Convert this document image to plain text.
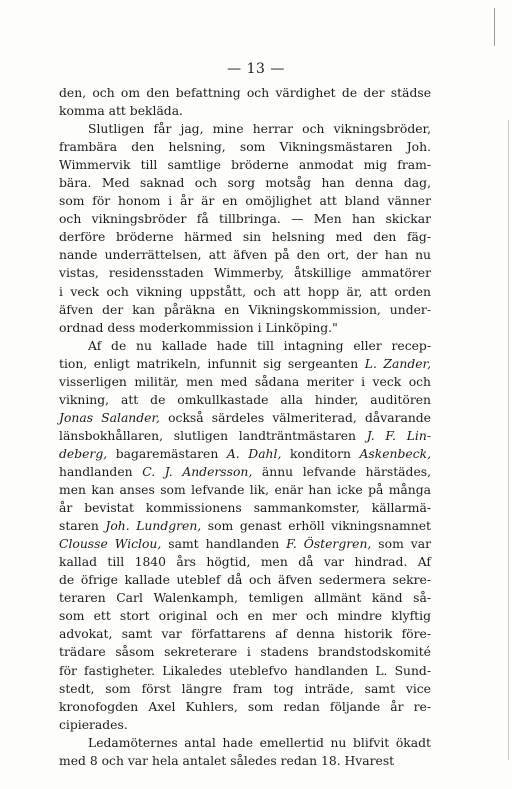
— 13 —

den, och om den befattning och värdighet de der städse

komma att bekläda.

Slutligen får jag, mine herrar och vikningsbröder,

frambära den helsning, som Vikningsmästaren Joh.

Wimmervik till samtlige bröderne anmodat mig fram-

bära. Med saknad och sorg motsåg han denna dag,

som för honom i år är en omöjlighet att bland vänner

och vikningsbröder få tillbringa. — Men han skickar

derföre bröderne härmed sin helsning med den fäg-

nande underrättelsen, att äfven på den ort, der han nu

vistas, residensstaden Wimmerby, åtskillige ammatörer

i veck och vikning uppstått, och att hopp är, att orden

äfven der kan påräkna en Vikningskommission, under-

ordnad dess moderkommission i Linköping."

Af de nu kallade hade till intagning eller recep-

tion, enligt matrikeln, infunnit sig sergeanten L. Zander,

visserligen militär, men med sådana meriter i veck och

vikning, att de omkullkastade alla hinder, auditören

Jonas Salander, också särdeles välmeriterad, dåvarande

länsbokhållaren, slutligen landträntmästaren J. F. Lin-

deberg, bagaremästaren A. Dahl, konditorn Askenbeck,

handlanden C. J. Andersson, ännu lefvande härstädes,

men kan anses som lefvande lik, enär han icke på många

år bevistat kommissionens sammankomster, källarmä-

staren Joh. Lundgren, som genast erhöll vikningsnamnet

Clousse Wiclou, samt handlanden F. Östergren, som var

kallad till 1840 års högtid, men då var hindrad. Af

de öfrige kallade uteblef då och äfven sedermera sekre-

teraren Carl Walenkamph, temligen allmänt känd så-

som ett stort original och en mer och mindre klyftig

advokat, samt var författarens af denna historik före-

trädare såsom sekreterare i stadens brandstodskomité

för fastigheter. Likaledes uteblefvo handlanden L. Sund-

stedt, som först längre fram tog inträde, samt vice

kronofogden Axel Kuhlers, som redan följande år re-

cipierades.

Ledamöternes antal hade emellertid nu blifvit ökadt

med 8 och var hela antalet således redan 18. Hvarest
